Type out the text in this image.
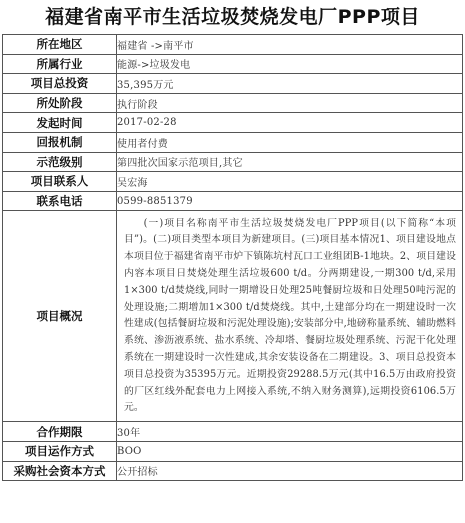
福建省南平市生活垃圾焚烧发电厂PPP项目
所在地区	福建省 ->南平市
所属行业	能源->垃圾发电
项目总投资	35,395万元
所处阶段	执行阶段
发起时间	2017-02-28
回报机制	使用者付费
示范级别	第四批次国家示范项目,其它
项目联系人	吴宏海
联系电话	0599-8851379
项目概况	(一)项目名称南平市生活垃圾焚烧发电厂PPP项目(以下简称“本项目”)。(二)项目类型本项目为新建项目。(三)项目基本情况1、项目建设地点本项目位于福建省南平市炉下镇陈坑村瓦口工业组团B-1地块。2、项目建设内容本项目日焚烧处理生活垃圾600 t/d。分两期建设,一期300 t/d,采用1×300 t/d焚烧线,同时一期增设日处理25吨餐厨垃圾和日处理50吨污泥的处理设施;二期增加1×300 t/d焚烧线。其中,土建部分均在一期建设时一次性建成(包括餐厨垃圾和污泥处理设施);安装部分中,地磅称量系统、辅助燃料系统、渗沥液系统、盐水系统、冷却塔、餐厨垃圾处理系统、污泥干化处理系统在一期建设时一次性建成,其余安装设备在二期建设。3、项目总投资本项目总投资为35395万元。近期投资29288.5万元(其中16.5万由政府投资的厂区红线外配套电力上网接入系统,不纳入财务测算),远期投资6106.5万元。
合作期限	30年
项目运作方式	BOO
采购社会资本方式	公开招标
